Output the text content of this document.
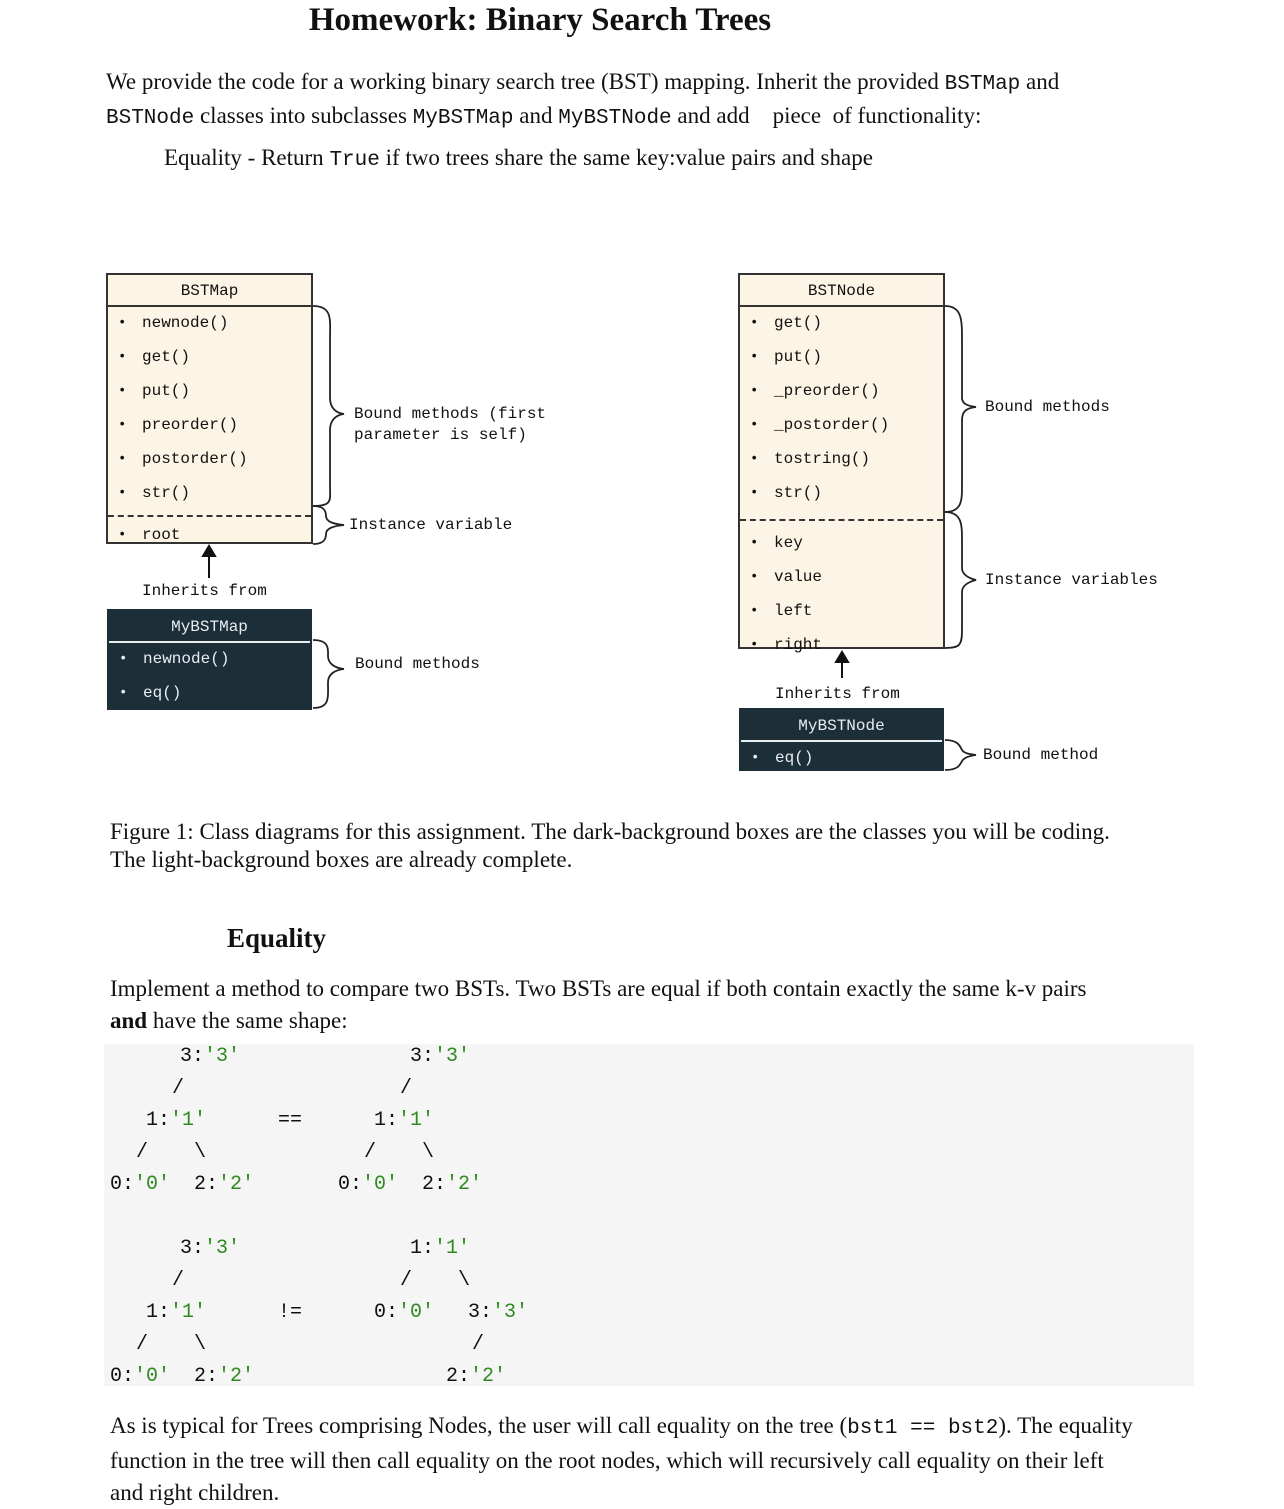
Homework: Binary Search Trees
We provide the code for a working binary search tree (BST) mapping. Inherit the provided BSTMap and
BSTNode classes into subclasses MyBSTMap and MyBSTNode and add    piece  of functionality:
Equality - Return True if two trees share the same key:value pairs and shape
BSTMap
• newnode()
• get()
• put()
• preorder()
• postorder()
• str()
• root
Bound methods (first
parameter is self)
Instance variable
Inherits from
MyBSTMap
• newnode()
• eq()
Bound methods
BSTNode
• get()
• put()
• _preorder()
• _postorder()
• tostring()
• str()
• key
• value
• left
• right
Bound methods
Instance variables
Inherits from
MyBSTNode
• eq()	Bound method
Figure 1: Class diagrams for this assignment. The dark-background boxes are the classes you will be coding.
The light-background boxes are already complete.
Equality
Implement a method to compare two BSTs. Two BSTs are equal if both contain exactly the same k-v pairs
and have the same shape:
3:'3'
/
1:'1'
/ \
0:'0' 2:'2'
==
3:'3'
/
1:'1'
/ \
0:'0' 2:'2'
3:'3'
/
1:'1'
/ \
0:'0' 2:'2'
!=
1:'1'
/ \
0:'0' 3:'3'
/
2:'2'
As is typical for Trees comprising Nodes, the user will call equality on the tree (bst1 == bst2). The equality
function in the tree will then call equality on the root nodes, which will recursively call equality on their left
and right children.
